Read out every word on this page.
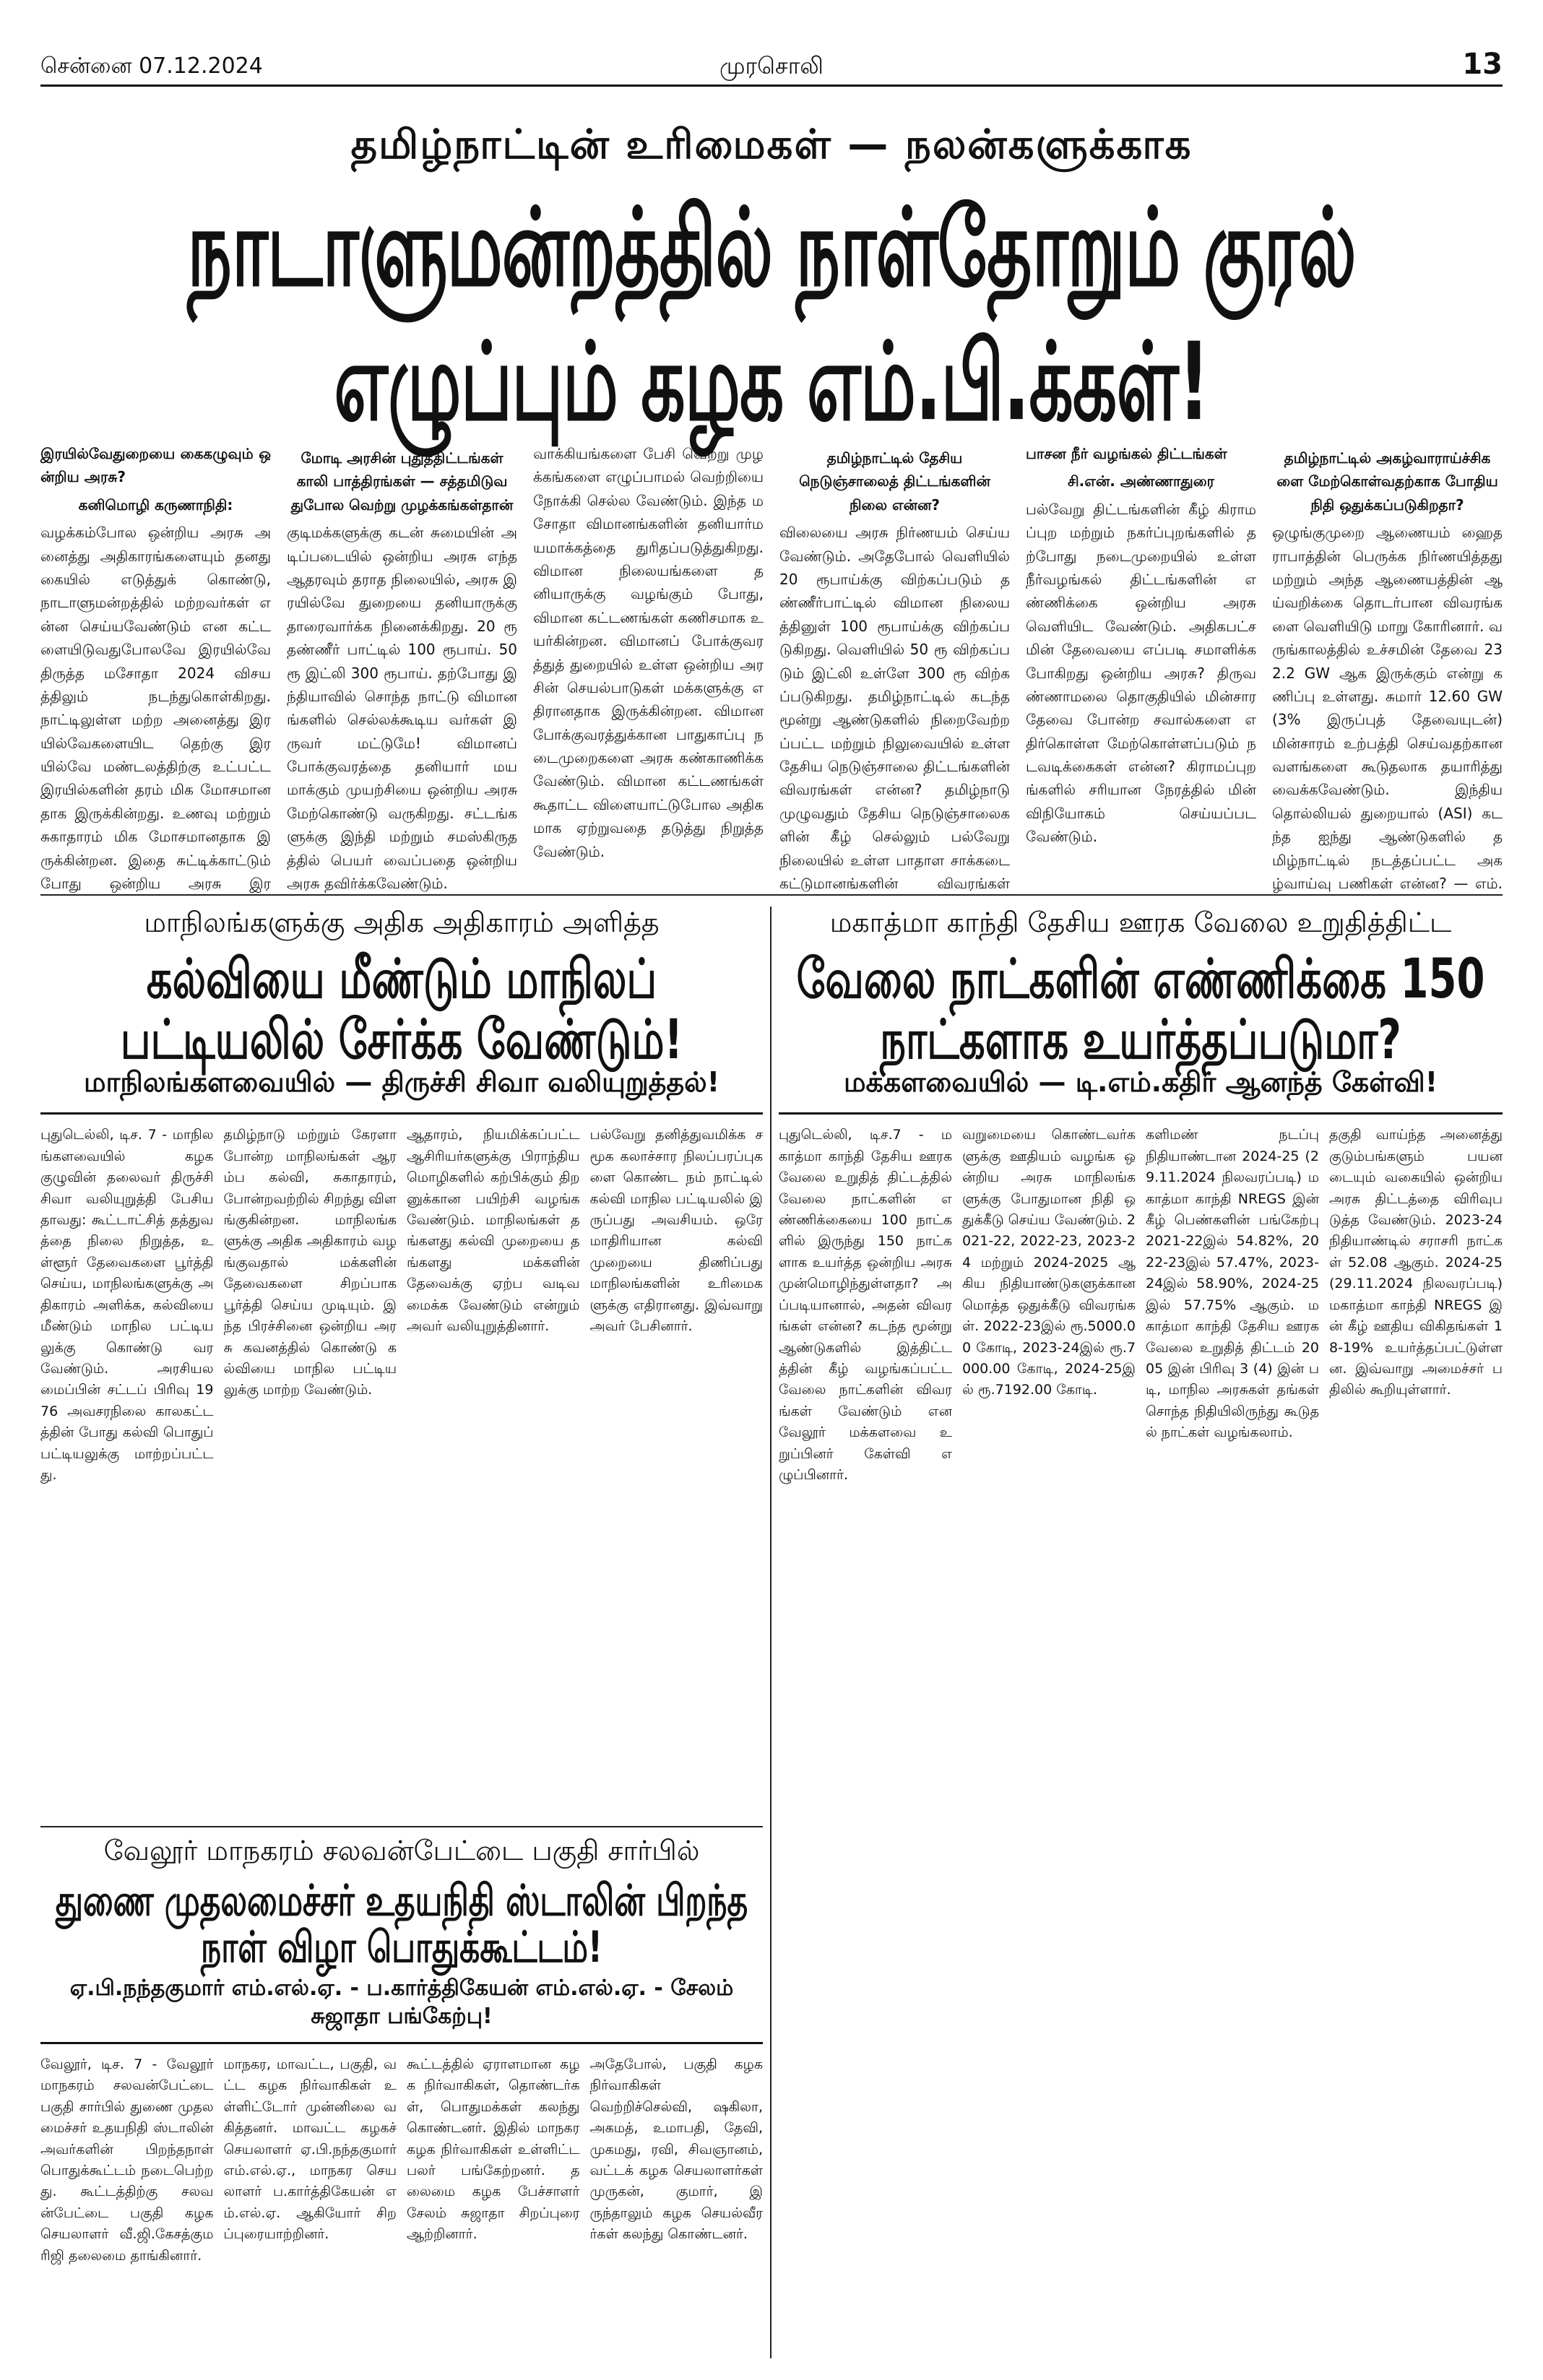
சென்னை 07.12.2024	முரசொலி	13
தமிழ்நாட்டின் உரிமைகள் — நலன்களுக்காக
நாடாளுமன்றத்தில் நாள்தோறும் குரல் எழுப்பும் கழக எம்.பி.க்கள்!
இரயில்வேதுறையை கைகழுவும் ஒன்றிய அரசு?
கனிமொழி கருணாநிதி:
வழக்கம்போல ஒன்றிய அரசு அனைத்து அதிகாரங்களையும் தனது கையில் எடுத்துக் கொண்டு, நாடாளுமன்றத்தில் மற்றவர்கள் என்ன செய்யவேண்டும் என கட்டளையிடுவதுபோலவே இரயில்வே திருத்த மசோதா 2024 விசயத்திலும் நடந்துகொள்கிறது. நாட்டிலுள்ள மற்ற அனைத்து இரயில்வேகளையிட தெற்கு இரயில்வே மண்டலத்திற்கு உட்பட்ட இரயில்களின் தரம் மிக மோசமானதாக இருக்கின்றது. உணவு மற்றும் சுகாதாரம் மிக மோசமானதாக இருக்கின்றன. இதை சுட்டிக்காட்டும் போது ஒன்றிய அரசு இர
மோடி அரசின் புதுத்திட்டங்கள் காலி பாத்திரங்கள் — சத்தமிடுவதுபோல வெற்று முழக்கங்கள்தான்
குடிமக்களுக்கு கடன் சுமையின் அடிப்படையில் ஒன்றிய அரசு எந்த ஆதரவும் தராத நிலையில், அரசு இரயில்வே துறையை தனியாருக்கு தாரைவார்க்க நினைக்கிறது. 20 ரூ தண்ணீர் பாட்டில் 100 ரூபாய். 50 ரூ இட்லி 300 ரூபாய். தற்போது இந்தியாவில் சொந்த நாட்டு விமானங்களில் செல்லக்கூடிய வர்கள் இருவர் மட்டுமே! விமானப் போக்குவரத்தை தனியார் மயமாக்கும் முயற்சியை ஒன்றிய அரசு மேற்கொண்டு வருகிறது. சட்டங்களுக்கு இந்தி மற்றும் சமஸ்கிருதத்தில் பெயர் வைப்பதை ஒன்றிய அரசு தவிர்க்கவேண்டும்.
வாக்கியங்களை பேசி வெற்று முழக்கங்களை எழுப்பாமல் வெற்றியை நோக்கி செல்ல வேண்டும். இந்த மசோதா விமானங்களின் தனியார்மயமாக்கத்தை துரிதப்படுத்துகிறது. விமான நிலையங்களை தனியாருக்கு வழங்கும் போது, விமான கட்டணங்கள் கணிசமாக உயர்கின்றன. விமானப் போக்குவரத்துத் துறையில் உள்ள ஒன்றிய அரசின் செயல்பாடுகள் மக்களுக்கு எதிரானதாக இருக்கின்றன. விமான போக்குவரத்துக்கான பாதுகாப்பு நடைமுறைகளை அரசு கண்காணிக்க வேண்டும். விமான கட்டணங்கள் கூதாட்ட விளையாட்டுபோல அதிகமாக ஏற்றுவதை தடுத்து நிறுத்த வேண்டும்.
தமிழ்நாட்டில் தேசிய நெடுஞ்சாலைத் திட்டங்களின் நிலை என்ன?
விலையை அரசு நிர்ணயம் செய்ய வேண்டும். அதேபோல் வெளியில் 20 ரூபாய்க்கு விற்கப்படும் தண்ணீர்பாட்டில் விமான நிலையத்தினுள் 100 ரூபாய்க்கு விற்கப்படுகிறது. வெளியில் 50 ரூ விற்கப்படும் இட்லி உள்ளே 300 ரூ விற்கப்படுகிறது. தமிழ்நாட்டில் கடந்த மூன்று ஆண்டுகளில் நிறைவேற்றப்பட்ட மற்றும் நிலுவையில் உள்ள தேசிய நெடுஞ்சாலை திட்டங்களின் விவரங்கள் என்ன? தமிழ்நாடு முழுவதும் தேசிய நெடுஞ்சாலைகளின் கீழ் செல்லும் பல்வேறு நிலையில் உள்ள பாதாள சாக்கடை கட்டுமானங்களின் விவரங்கள்
பாசன நீர் வழங்கல் திட்டங்கள்
சி.என். அண்ணாதுரை
பல்வேறு திட்டங்களின் கீழ் கிராமப்புற மற்றும் நகர்ப்புறங்களில் தற்போது நடைமுறையில் உள்ள நீர்வழங்கல் திட்டங்களின் எண்ணிக்கை ஒன்றிய அரசு வெளியிட வேண்டும். அதிகபட்ச மின் தேவையை எப்படி சமாளிக்க போகிறது ஒன்றிய அரசு? திருவண்ணாமலை தொகுதியில் மின்சார தேவை போன்ற சவால்களை எதிர்கொள்ள மேற்கொள்ளப்படும் நடவடிக்கைகள் என்ன? கிராமப்புறங்களில் சரியான நேரத்தில் மின் விநியோகம் செய்யப்பட வேண்டும்.
தமிழ்நாட்டில் அகழ்வாராய்ச்சிகளை மேற்கொள்வதற்காக போதிய நிதி ஒதுக்கப்படுகிறதா?
ஒழுங்குமுறை ஆணையம் ஹைதராபாத்தின் பெருக்க நிர்ணயித்தது மற்றும் அந்த ஆணையத்தின் ஆய்வறிக்கை தொடர்பான விவரங்களை வெளியிடு மாறு கோரினார். வருங்காலத்தில் உச்சமின் தேவை 232.2 GW ஆக இருக்கும் என்று கணிப்பு உள்ளது. சுமார் 12.60 GW (3% இருப்புத் தேவையுடன்) மின்சாரம் உற்பத்தி செய்வதற்கான வளங்களை கூடுதலாக தயாரித்து வைக்கவேண்டும். இந்திய தொல்லியல் துறையால் (ASI) கடந்த ஐந்து ஆண்டுகளில் தமிழ்நாட்டில் நடத்தப்பட்ட அகழ்வாய்வு பணிகள் என்ன? — எம்.
மாநிலங்களுக்கு அதிக அதிகாரம் அளித்த
கல்வியை மீண்டும் மாநிலப் பட்டியலில் சேர்க்க வேண்டும்!
மாநிலங்களவையில் — திருச்சி சிவா வலியுறுத்தல்!
புதுடெல்லி, டிச. 7 - மாநிலங்களவையில் கழக குழுவின் தலைவர் திருச்சி சிவா வலியுறுத்தி பேசியதாவது: கூட்டாட்சித் தத்துவத்தை நிலை நிறுத்த, உள்ளூர் தேவைகளை பூர்த்தி செய்ய, மாநிலங்களுக்கு அதிகாரம் அளிக்க, கல்வியை மீண்டும் மாநில பட்டியலுக்கு கொண்டு வர வேண்டும். அரசியலமைப்பின் சட்டப் பிரிவு 1976 அவசரநிலை காலகட்டத்தின் போது கல்வி பொதுப் பட்டியலுக்கு மாற்றப்பட்டது.
தமிழ்நாடு மற்றும் கேரளா போன்ற மாநிலங்கள் ஆரம்ப கல்வி, சுகாதாரம், போன்றவற்றில் சிறந்து விளங்குகின்றன. மாநிலங்களுக்கு அதிக அதிகாரம் வழங்குவதால் மக்களின் தேவைகளை சிறப்பாக பூர்த்தி செய்ய முடியும். இந்த பிரச்சினை ஒன்றிய அரசு கவனத்தில் கொண்டு கல்வியை மாநில பட்டியலுக்கு மாற்ற வேண்டும்.
ஆதாரம், நியமிக்கப்பட்ட ஆசிரியர்களுக்கு பிராந்திய மொழிகளில் கற்பிக்கும் திறனுக்கான பயிற்சி வழங்க வேண்டும். மாநிலங்கள் தங்களது கல்வி முறையை தங்களது மக்களின் தேவைக்கு ஏற்ப வடிவமைக்க வேண்டும் என்றும் அவர் வலியுறுத்தினார்.
பல்வேறு தனித்துவமிக்க சமூக கலாச்சார நிலப்பரப்புகளை கொண்ட நம் நாட்டில் கல்வி மாநில பட்டியலில் இருப்பது அவசியம். ஒரே மாதிரியான கல்வி முறையை திணிப்பது மாநிலங்களின் உரிமைகளுக்கு எதிரானது. இவ்வாறு அவர் பேசினார்.
மகாத்மா காந்தி தேசிய ஊரக வேலை உறுதித்திட்ட
வேலை நாட்களின் எண்ணிக்கை 150 நாட்களாக உயர்த்தப்படுமா?
மக்களவையில் — டி.எம்.கதிர் ஆனந்த் கேள்வி!
புதுடெல்லி, டிச.7 - மகாத்மா காந்தி தேசிய ஊரக வேலை உறுதித் திட்டத்தில் வேலை நாட்களின் எண்ணிக்கையை 100 நாட்களில் இருந்து 150 நாட்களாக உயர்த்த ஒன்றிய அரசு முன்மொழிந்துள்ளதா? அப்படியானால், அதன் விவரங்கள் என்ன? கடந்த மூன்று ஆண்டுகளில் இத்திட்டத்தின் கீழ் வழங்கப்பட்ட வேலை நாட்களின் விவரங்கள் வேண்டும் என வேலூர் மக்களவை உறுப்பினர் கேள்வி எழுப்பினார்.
வறுமையை கொண்டவர்களுக்கு ஊதியம் வழங்க ஒன்றிய அரசு மாநிலங்களுக்கு போதுமான நிதி ஒதுக்கீடு செய்ய வேண்டும். 2021-22, 2022-23, 2023-24 மற்றும் 2024-2025 ஆகிய நிதியாண்டுகளுக்கான மொத்த ஒதுக்கீடு விவரங்கள். 2022-23இல் ரூ.5000.00 கோடி, 2023-24இல் ரூ.7000.00 கோடி, 2024-25இல் ரூ.7192.00 கோடி.
களிமண் நடப்பு நிதியாண்டான 2024-25 (29.11.2024 நிலவரப்படி) மகாத்மா காந்தி NREGS இன் கீழ் பெண்களின் பங்கேற்பு 2021-22இல் 54.82%, 2022-23இல் 57.47%, 2023-24இல் 58.90%, 2024-25இல் 57.75% ஆகும். மகாத்மா காந்தி தேசிய ஊரக வேலை உறுதித் திட்டம் 2005 இன் பிரிவு 3 (4) இன் படி, மாநில அரசுகள் தங்கள் சொந்த நிதியிலிருந்து கூடுதல் நாட்கள் வழங்கலாம்.
தகுதி வாய்ந்த அனைத்து குடும்பங்களும் பயனடையும் வகையில் ஒன்றிய அரசு திட்டத்தை விரிவுபடுத்த வேண்டும். 2023-24 நிதியாண்டில் சராசரி நாட்கள் 52.08 ஆகும். 2024-25 (29.11.2024 நிலவரப்படி) மகாத்மா காந்தி NREGS இன் கீழ் ஊதிய விகிதங்கள் 18-19% உயர்த்தப்பட்டுள்ளன. இவ்வாறு அமைச்சர் பதிலில் கூறியுள்ளார்.
வேலூர் மாநகரம் சலவன்பேட்டை பகுதி சார்பில்
துணை முதலமைச்சர் உதயநிதி ஸ்டாலின் பிறந்த நாள் விழா பொதுக்கூட்டம்!
ஏ.பி.நந்தகுமார் எம்.எல்.ஏ. - ப.கார்த்திகேயன் எம்.எல்.ஏ. - சேலம் சுஜாதா பங்கேற்பு!
வேலூர், டிச. 7 - வேலூர் மாநகரம் சலவன்பேட்டை பகுதி சார்பில் துணை முதலமைச்சர் உதயநிதி ஸ்டாலின் அவர்களின் பிறந்தநாள் பொதுக்கூட்டம் நடைபெற்றது. கூட்டத்திற்கு சலவன்பேட்டை பகுதி கழக செயலாளர் வீ.ஜி.கேசத்குமரிஜி தலைமை தாங்கினார்.
மாநகர, மாவட்ட, பகுதி, வட்ட கழக நிர்வாகிகள் உள்ளிட்டோர் முன்னிலை வகித்தனர். மாவட்ட கழகச் செயலாளர் ஏ.பி.நந்தகுமார் எம்.எல்.ஏ., மாநகர செயலாளர் ப.கார்த்திகேயன் எம்.எல்.ஏ. ஆகியோர் சிறப்புரையாற்றினர்.
கூட்டத்தில் ஏராளமான கழக நிர்வாகிகள், தொண்டர்கள், பொதுமக்கள் கலந்து கொண்டனர். இதில் மாநகர கழக நிர்வாகிகள் உள்ளிட்ட பலர் பங்கேற்றனர். தலைமை கழக பேச்சாளர் சேலம் சுஜாதா சிறப்புரை ஆற்றினார்.
அதேபோல், பகுதி கழக நிர்வாகிகள் வெற்றிச்செல்வி, ஷகிலா, அகமத், உமாபதி, தேவி, முகமது, ரவி, சிவஞானம், வட்டக் கழக செயலாளர்கள் முருகன், குமார், இருந்தாலும் கழக செயல்வீரர்கள் கலந்து கொண்டனர்.
